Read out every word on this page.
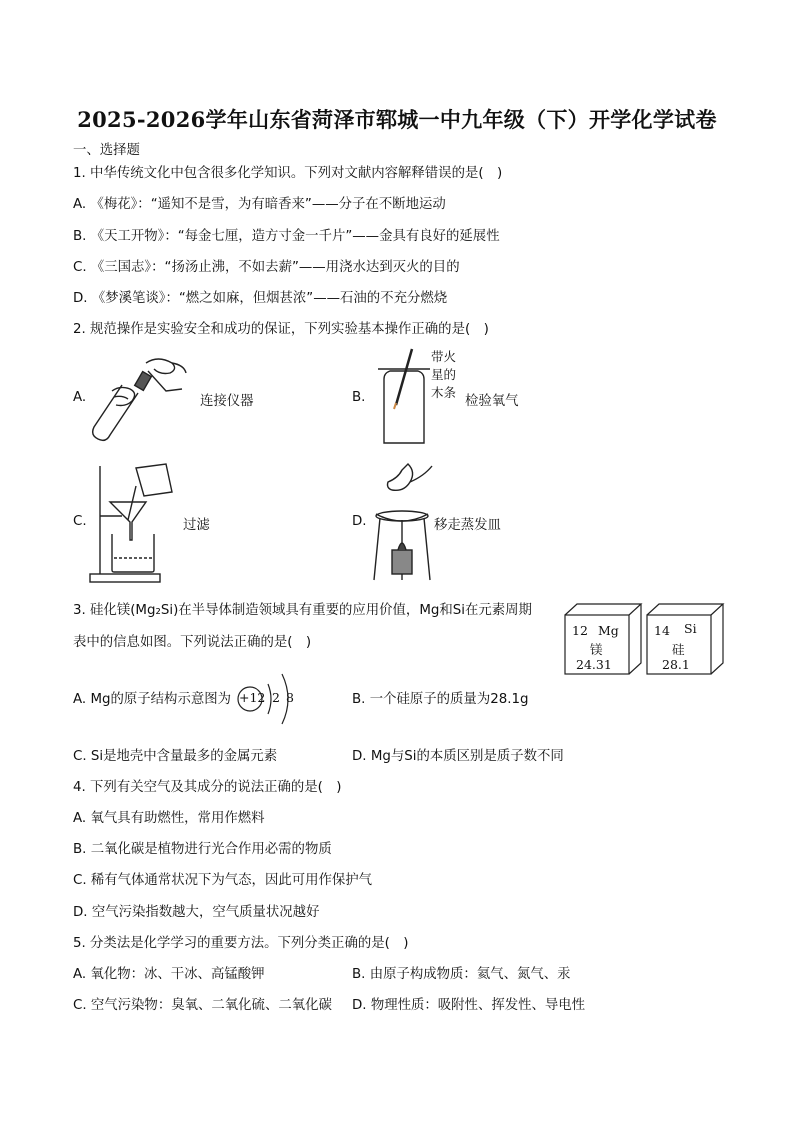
2025-2026学年山东省菏泽市郓城一中九年级（下）开学化学试卷
一、选择题
1. 中华传统文化中包含很多化学知识。下列对文献内容解释错误的是(　)
A. 《梅花》：“遥知不是雪，为有暗香来”——分子在不断地运动
B. 《天工开物》：“每金七厘，造方寸金一千片”——金具有良好的延展性
C. 《三国志》：“扬汤止沸，不如去薪”——用浇水达到灭火的目的
D. 《梦溪笔谈》：“燃之如麻，但烟甚浓”——石油的不充分燃烧
2. 规范操作是实验安全和成功的保证，下列实验基本操作正确的是(　)
A.	连接仪器	B.
带火
星的
木条
检验氧气
C.	过滤	D.	移走蒸发皿
3. 硅化镁(Mg₂Si)在半导体制造领域具有重要的应用价值，Mg和Si在元素周期
表中的信息如图。下列说法正确的是(　)
12 Mg
镁
24.31
14 Si
硅
28.1
A. Mg的原子结构示意图为 +12 2 8	B. 一个硅原子的质量为28.1g
C. Si是地壳中含量最多的金属元素	D. Mg与Si的本质区别是质子数不同
4. 下列有关空气及其成分的说法正确的是(　)
A. 氧气具有助燃性，常用作燃料
B. 二氧化碳是植物进行光合作用必需的物质
C. 稀有气体通常状况下为气态，因此可用作保护气
D. 空气污染指数越大，空气质量状况越好
5. 分类法是化学学习的重要方法。下列分类正确的是(　)
A. 氧化物：冰、干冰、高锰酸钾	B. 由原子构成物质：氦气、氮气、汞
C. 空气污染物：臭氧、二氧化硫、二氧化碳 D. 物理性质：吸附性、挥发性、导电性
